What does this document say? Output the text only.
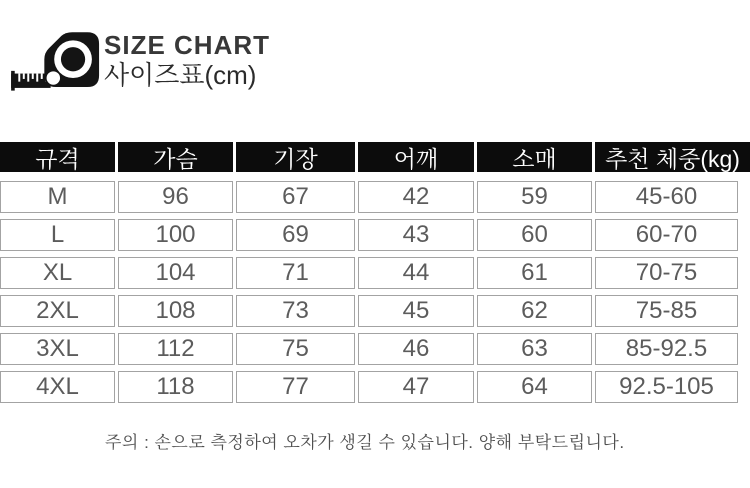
SIZE CHART
사이즈표(cm)
규격	가슴	기장	어깨	소매	추천 체중(kg)
M	96	67	42	59	45-60
L	100	69	43	60	60-70
XL	104	71	44	61	70-75
2XL	108	73	45	62	75-85
3XL	112	75	46	63	85-92.5
4XL	118	77	47	64	92.5-105
주의 : 손으로 측정하여 오차가 생길 수 있습니다. 양해 부탁드립니다.
